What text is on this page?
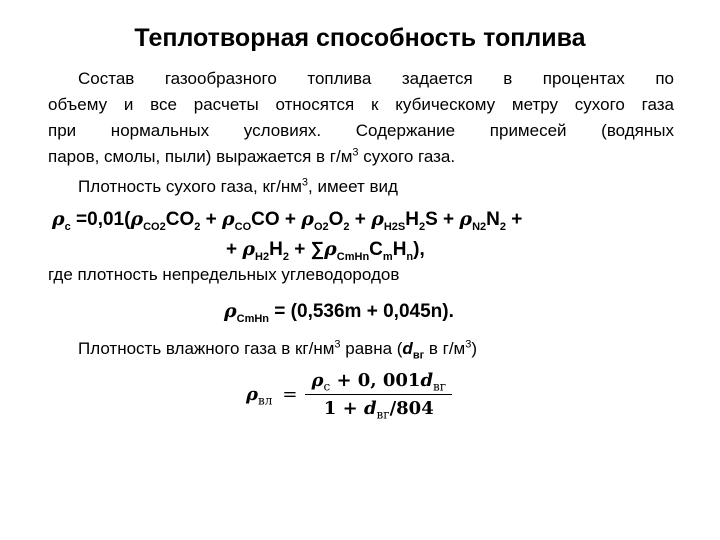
Теплотворная способность топлива
Состав газообразного топлива задается в процентах по
объему и все расчеты относятся к кубическому метру сухого газа
при нормальных условиях. Содержание примесей (водяных
паров, смолы, пыли) выражается в $г/м^3$ сухого газа.
Плотность сухого газа, $кг/нм^3$, имеет вид
$\rho_c =0,01(\rho_{CO2}CO_2 + \rho_{CO}CO + \rho_{O2}O_2 + \rho_{H2S}H_2S + \rho_{N2}N_2$ +
+ $\rho_{H2}H_2 + \sum\rho_{CmHn}C_mH_n$),
где плотность непредельных углеводородов
$\rho_{CmHn} = (0,536m + 0,045n)$.
Плотность влажного газа в $кг/нм^3$ равна ($d_{вг}$ в $г/м^3$)
$\rho_{вл} = \frac{\rho_с + 0, 001d_{вг}}{1 + d_{вг}/804}$
